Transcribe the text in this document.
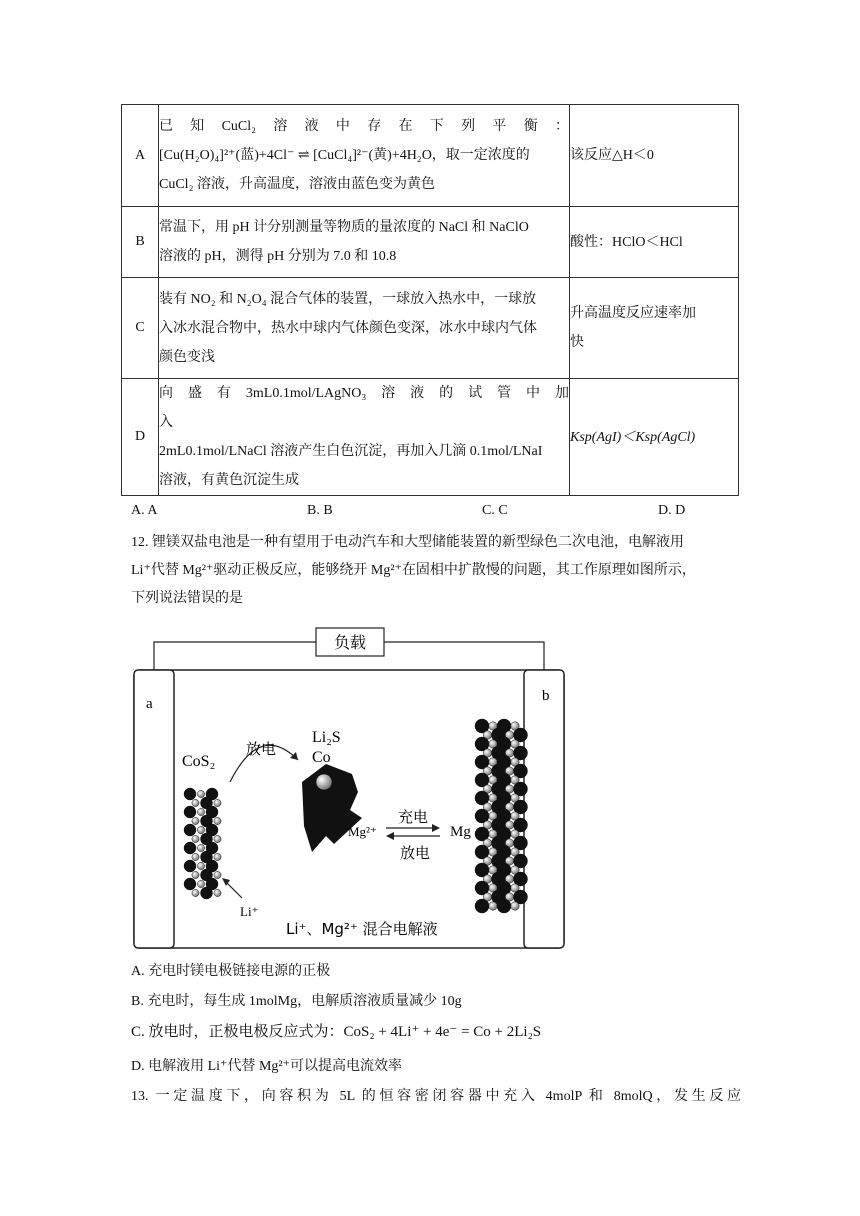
A	已　知　CuCl₂　溶　液　中　存　在　下　列　平　衡　：
[Cu(H₂O)₄]²⁺(蓝)+4Cl⁻ ⇌ [CuCl₄]²⁻(黄)+4H₂O，取一定浓度的
CuCl₂ 溶液，升高温度，溶液由蓝色变为黄色	该反应△H＜0
B	常温下，用 pH 计分别测量等物质的量浓度的 NaCl 和 NaClO
溶液的 pH，测得 pH 分别为 7.0 和 10.8	酸性：HClO＜HCl
C	装有 NO₂ 和 N₂O₄ 混合气体的装置，一球放入热水中，一球放
入冰水混合物中，热水中球内气体颜色变深，冰水中球内气体
颜色变浅	升高温度反应速率加
快

D	向　盛　有　3mL0.1mol/LAgNO₃　溶　液　的　试　管　中　加　入
2mL0.1mol/LNaCl 溶液产生白色沉淀，再加入几滴 0.1mol/LNaI
溶液，有黄色沉淀生成	Ksp(AgI)＜Ksp(AgCl)
A. A	B. B	C. C	D. D
12. 锂镁双盐电池是一种有望用于电动汽车和大型储能装置的新型绿色二次电池，电解液用
Li⁺代替 Mg²⁺驱动正极反应，能够绕开 Mg²⁺在固相中扩散慢的问题，其工作原理如图所示，
下列说法错误的是
负载
a	b
CoS₂
放电
Li₂S
Co
Mg²⁺
充电
放电
Mg
Li⁺
Li⁺、Mg²⁺ 混合电解液
A. 充电时镁电极链接电源的正极
B. 充电时，每生成 1molMg，电解质溶液质量减少 10g
C. 放电时，正极电极反应式为：CoS₂ + 4Li⁺ + 4e⁻ = Co + 2Li₂S
D. 电解液用 Li⁺代替 Mg²⁺可以提高电流效率
13. 一定温度下，向容积为 5L 的恒容密闭容器中充入 4molP 和 8molQ，发生反应
